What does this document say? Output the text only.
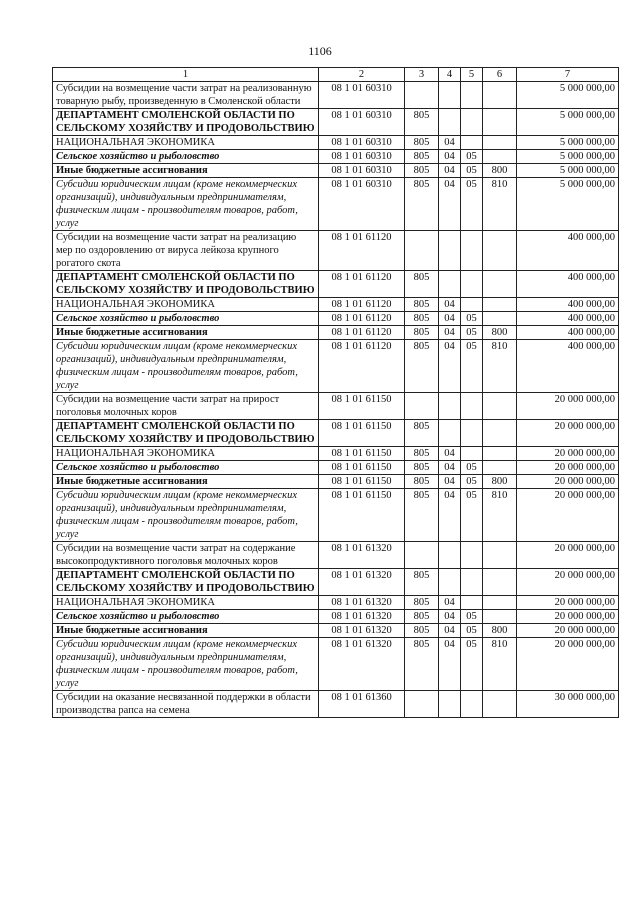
1106
1	2	3	4	5	6	7
Субсидии на возмещение части затрат на реализованную товарную рыбу, произведенную в Смоленской области	08 1 01 60310					5 000 000,00
ДЕПАРТАМЕНТ СМОЛЕНСКОЙ ОБЛАСТИ ПО СЕЛЬСКОМУ ХОЗЯЙСТВУ И ПРОДОВОЛЬСТВИЮ	08 1 01 60310	805				5 000 000,00
НАЦИОНАЛЬНАЯ ЭКОНОМИКА	08 1 01 60310	805	04			5 000 000,00
Сельское хозяйство и рыболовство	08 1 01 60310	805	04	05		5 000 000,00
Иные бюджетные ассигнования	08 1 01 60310	805	04	05	800	5 000 000,00
Субсидии юридическим лицам (кроме некоммерческих организаций), индивидуальным предпринимателям, физическим лицам - производителям товаров, работ, услуг	08 1 01 60310	805	04	05	810	5 000 000,00
Субсидии на возмещение части затрат на реализацию мер по оздоровлению от вируса лейкоза крупного рогатого скота	08 1 01 61120					400 000,00
ДЕПАРТАМЕНТ СМОЛЕНСКОЙ ОБЛАСТИ ПО СЕЛЬСКОМУ ХОЗЯЙСТВУ И ПРОДОВОЛЬСТВИЮ	08 1 01 61120	805				400 000,00
НАЦИОНАЛЬНАЯ ЭКОНОМИКА	08 1 01 61120	805	04			400 000,00
Сельское хозяйство и рыболовство	08 1 01 61120	805	04	05		400 000,00
Иные бюджетные ассигнования	08 1 01 61120	805	04	05	800	400 000,00
Субсидии юридическим лицам (кроме некоммерческих организаций), индивидуальным предпринимателям, физическим лицам - производителям товаров, работ, услуг	08 1 01 61120	805	04	05	810	400 000,00
Субсидии на возмещение части затрат на прирост поголовья молочных коров	08 1 01 61150					20 000 000,00
ДЕПАРТАМЕНТ СМОЛЕНСКОЙ ОБЛАСТИ ПО СЕЛЬСКОМУ ХОЗЯЙСТВУ И ПРОДОВОЛЬСТВИЮ	08 1 01 61150	805				20 000 000,00
НАЦИОНАЛЬНАЯ ЭКОНОМИКА	08 1 01 61150	805	04			20 000 000,00
Сельское хозяйство и рыболовство	08 1 01 61150	805	04	05		20 000 000,00
Иные бюджетные ассигнования	08 1 01 61150	805	04	05	800	20 000 000,00
Субсидии юридическим лицам (кроме некоммерческих организаций), индивидуальным предпринимателям, физическим лицам - производителям товаров, работ, услуг	08 1 01 61150	805	04	05	810	20 000 000,00
Субсидии на возмещение части затрат на содержание высокопродуктивного поголовья молочных коров	08 1 01 61320					20 000 000,00
ДЕПАРТАМЕНТ СМОЛЕНСКОЙ ОБЛАСТИ ПО СЕЛЬСКОМУ ХОЗЯЙСТВУ И ПРОДОВОЛЬСТВИЮ	08 1 01 61320	805				20 000 000,00
НАЦИОНАЛЬНАЯ ЭКОНОМИКА	08 1 01 61320	805	04			20 000 000,00
Сельское хозяйство и рыболовство	08 1 01 61320	805	04	05		20 000 000,00
Иные бюджетные ассигнования	08 1 01 61320	805	04	05	800	20 000 000,00
Субсидии юридическим лицам (кроме некоммерческих организаций), индивидуальным предпринимателям, физическим лицам - производителям товаров, работ, услуг	08 1 01 61320	805	04	05	810	20 000 000,00
Субсидии на оказание несвязанной поддержки в области производства рапса на семена	08 1 01 61360					30 000 000,00
